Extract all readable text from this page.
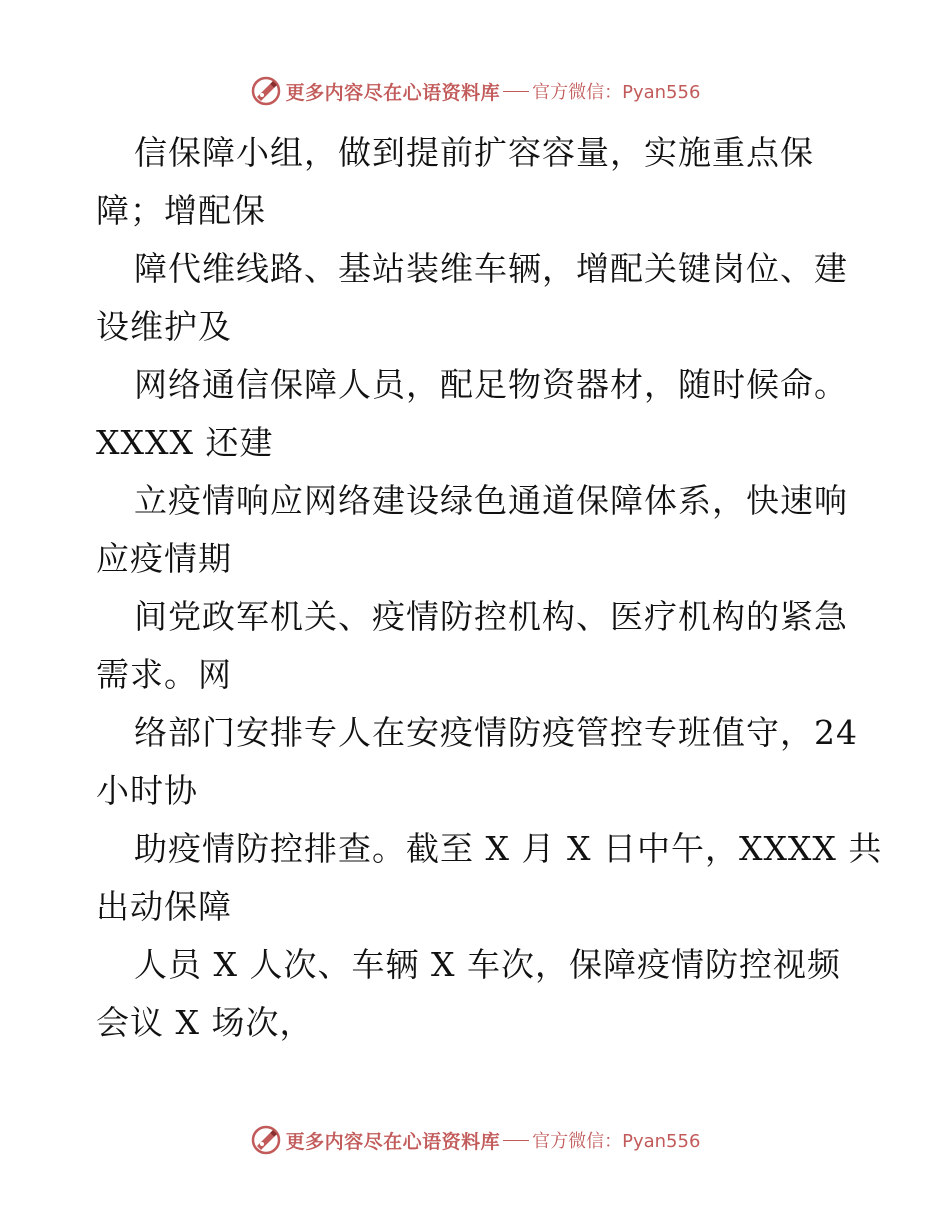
更多内容尽在心语资料库 官方微信：Pyan556
信保障小组，做到提前扩容容量，实施重点保
障；增配保
障代维线路、基站装维车辆，增配关键岗位、建
设维护及
网络通信保障人员，配足物资器材，随时候命。
XXXX 还建
立疫情响应网络建设绿色通道保障体系，快速响
应疫情期
间党政军机关、疫情防控机构、医疗机构的紧急
需求。网
络部门安排专人在安疫情防疫管控专班值守，24
小时协
助疫情防控排查。截至 X 月 X 日中午，XXXX 共
出动保障
人员 X 人次、车辆 X 车次，保障疫情防控视频
会议 X 场次，
更多内容尽在心语资料库 官方微信：Pyan556
